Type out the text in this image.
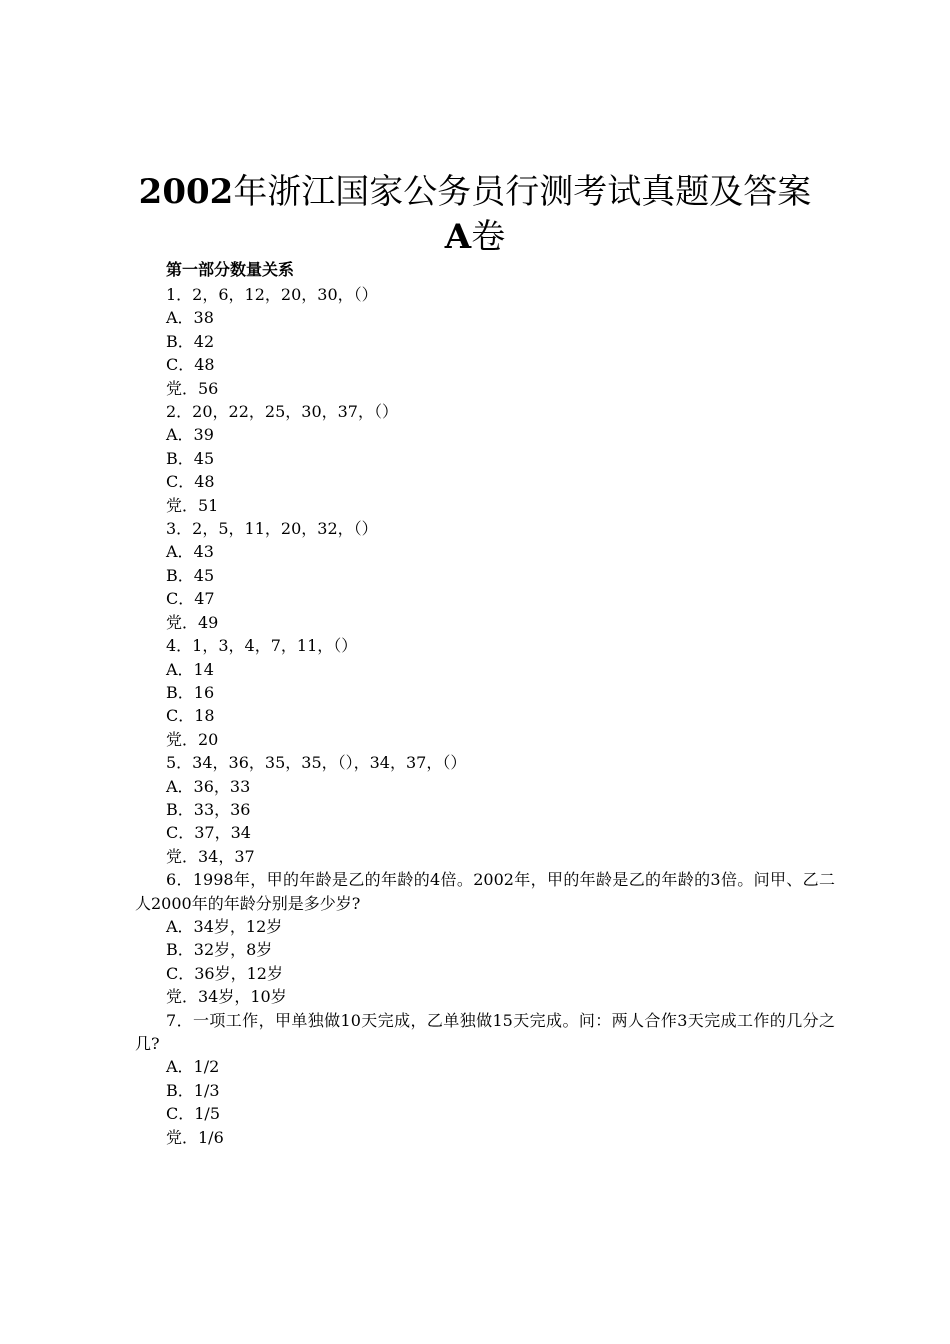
2002年浙江国家公务员行测考试真题及答案
A卷
第一部分数量关系
1．2，6，12，20，30，（）
A．38
B．42
C．48
党．56
2．20，22，25，30，37，（）
A．39
B．45
C．48
党．51
3．2，5，11，20，32，（）
A．43
B．45
C．47
党．49
4．1，3，4，7，11，（）
A．14
B．16
C．18
党．20
5．34，36，35，35，（），34，37，（）
A．36，33
B．33，36
C．37，34
党．34，37
6．1998年，甲的年龄是乙的年龄的4倍。2002年，甲的年龄是乙的年龄的3倍。问甲、乙二人2000年的年龄分别是多少岁?
A．34岁，12岁
B．32岁，8岁
C．36岁，12岁
党．34岁，10岁
7．一项工作，甲单独做10天完成，乙单独做15天完成。问：两人合作3天完成工作的几分之几?
A．1/2
B．1/3
C．1/5
党．1/6
